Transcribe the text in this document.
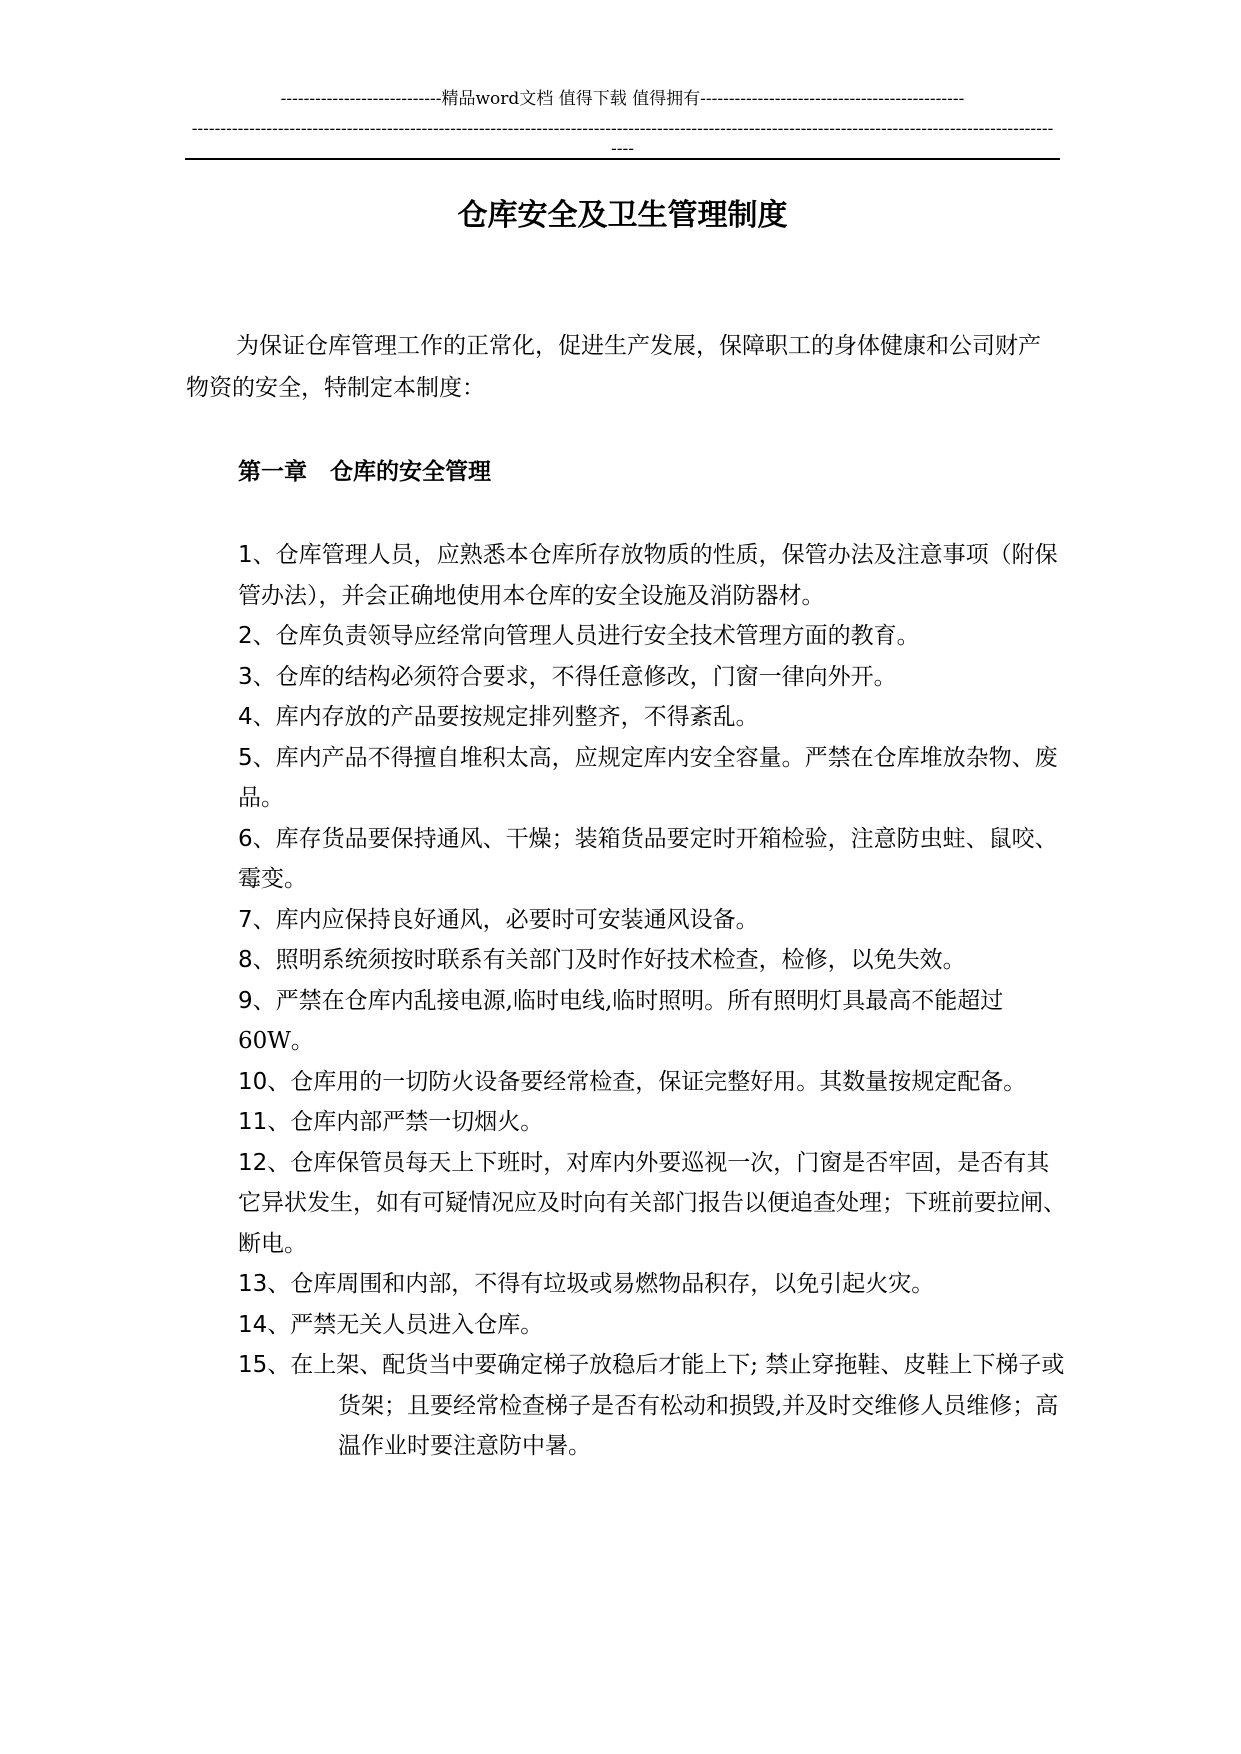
----------------------------精品word文档 值得下载 值得拥有----------------------------------------------
------------------------------------------------------------------------------------------------------------------------------------------------------
----
仓库安全及卫生管理制度

为保证仓库管理工作的正常化，促进生产发展，保障职工的身体健康和公司财产物资的安全，特制定本制度：

第一章　仓库的安全管理
1、仓库管理人员，应熟悉本仓库所存放物质的性质，保管办法及注意事项（附保管办法），并会正确地使用本仓库的安全设施及消防器材。
2、仓库负责领导应经常向管理人员进行安全技术管理方面的教育。
3、仓库的结构必须符合要求，不得任意修改，门窗一律向外开。
4、库内存放的产品要按规定排列整齐，不得紊乱。
5、库内产品不得擅自堆积太高，应规定库内安全容量。严禁在仓库堆放杂物、废品。
6、库存货品要保持通风、干燥；装箱货品要定时开箱检验，注意防虫蛀、鼠咬、霉变。
7、库内应保持良好通风，必要时可安装通风设备。
8、照明系统须按时联系有关部门及时作好技术检查，检修，以免失效。
9、严禁在仓库内乱接电源,临时电线,临时照明。所有照明灯具最高不能超过60W。
10、仓库用的一切防火设备要经常检查，保证完整好用。其数量按规定配备。
11、仓库内部严禁一切烟火。
12、仓库保管员每天上下班时，对库内外要巡视一次，门窗是否牢固，是否有其它异状发生，如有可疑情况应及时向有关部门报告以便追查处理；下班前要拉闸、断电。
13、仓库周围和内部，不得有垃圾或易燃物品积存，以免引起火灾。
14、严禁无关人员进入仓库。
15、在上架、配货当中要确定梯子放稳后才能上下; 禁止穿拖鞋、皮鞋上下梯子或货架；且要经常检查梯子是否有松动和损毁,并及时交维修人员维修；高温作业时要注意防中暑。
